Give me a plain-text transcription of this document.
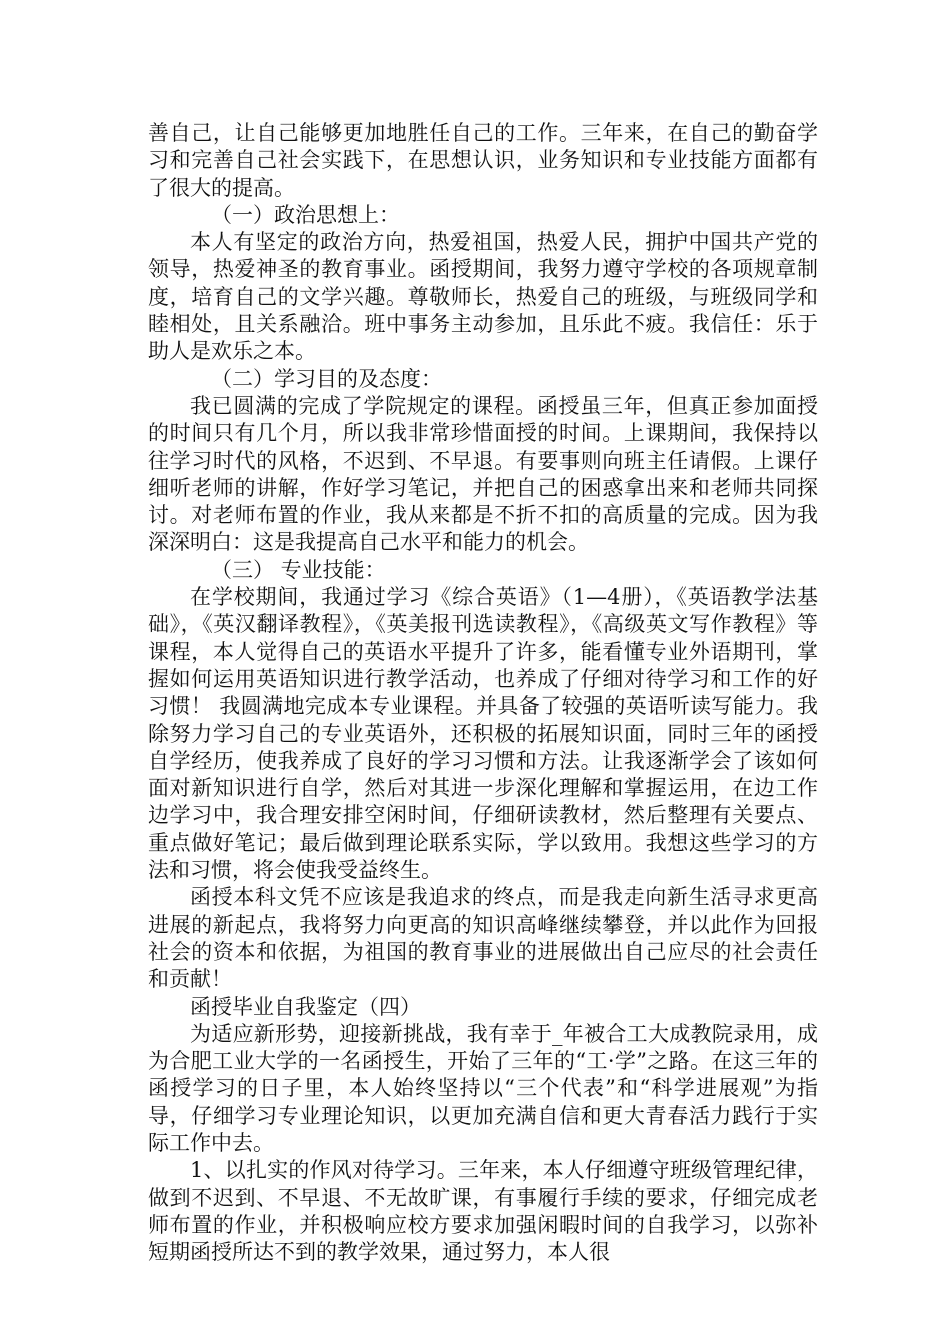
善自己，让自己能够更加地胜任自己的工作。三年来，在自己的勤奋学习和完善自己社会实践下，在思想认识，业务知识和专业技能方面都有了很大的提高。

（一）政治思想上：

本人有坚定的政治方向，热爱祖国，热爱人民，拥护中国共产党的领导，热爱神圣的教育事业。函授期间，我努力遵守学校的各项规章制度，培育自己的文学兴趣。尊敬师长，热爱自己的班级，与班级同学和睦相处，且关系融洽。班中事务主动参加，且乐此不疲。我信任：乐于助人是欢乐之本。

（二）学习目的及态度：

我已圆满的完成了学院规定的课程。函授虽三年，但真正参加面授的时间只有几个月，所以我非常珍惜面授的时间。上课期间，我保持以往学习时代的风格，不迟到、不早退。有要事则向班主任请假。上课仔细听老师的讲解，作好学习笔记，并把自己的困惑拿出来和老师共同探讨。对老师布置的作业，我从来都是不折不扣的高质量的完成。因为我深深明白：这是我提高自己水平和能力的机会。

（三） 专业技能：

在学校期间，我通过学习《综合英语》（1—4册），《英语教学法基础》，《英汉翻译教程》，《英美报刊选读教程》，《高级英文写作教程》等课程，本人觉得自己的英语水平提升了许多，能看懂专业外语期刊，掌握如何运用英语知识进行教学活动，也养成了仔细对待学习和工作的好习惯！ 我圆满地完成本专业课程。并具备了较强的英语听读写能力。我除努力学习自己的专业英语外，还积极的拓展知识面，同时三年的函授自学经历，使我养成了良好的学习习惯和方法。让我逐渐学会了该如何面对新知识进行自学，然后对其进一步深化理解和掌握运用，在边工作边学习中，我合理安排空闲时间，仔细研读教材，然后整理有关要点、重点做好笔记；最后做到理论联系实际，学以致用。我想这些学习的方法和习惯，将会使我受益终生。

函授本科文凭不应该是我追求的终点，而是我走向新生活寻求更高进展的新起点，我将努力向更高的知识高峰继续攀登，并以此作为回报社会的资本和依据，为祖国的教育事业的进展做出自己应尽的社会责任和贡献！

函授毕业自我鉴定（四）

为适应新形势，迎接新挑战，我有幸于_年被合工大成教院录用，成为合肥工业大学的一名函授生，开始了三年的“工·学”之路。在这三年的函授学习的日子里，本人始终坚持以“三个代表”和“科学进展观”为指导，仔细学习专业理论知识，以更加充满自信和更大青春活力践行于实际工作中去。

1、以扎实的作风对待学习。三年来，本人仔细遵守班级管理纪律，做到不迟到、不早退、不无故旷课，有事履行手续的要求，仔细完成老师布置的作业，并积极响应校方要求加强闲暇时间的自我学习，以弥补短期函授所达不到的教学效果，通过努力，本人很
